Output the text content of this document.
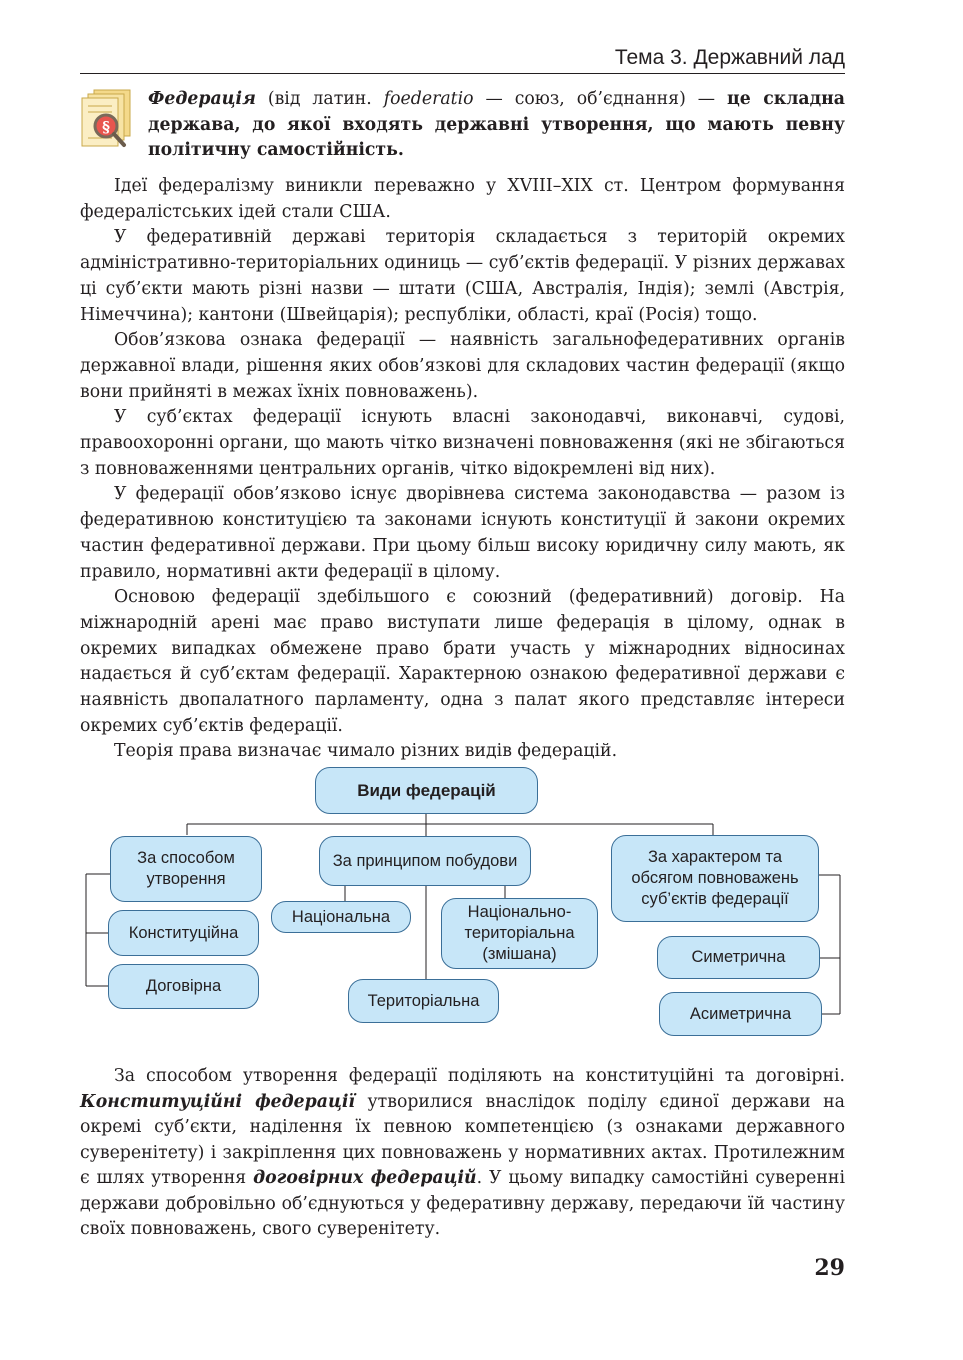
Тема 3. Державний лад
§
Федерація (від латин. foederatio — союз, об’єднання) — це складна держава, до якої входять державні утворення, що мають певну політичну самостійність.

Ідеї федералізму виникли переважно у XVIII–XIX ст. Центром формування федералістських ідей стали США.

У федеративній державі територія складається з територій окремих адміністративно-територіальних одиниць — суб’єктів федерації. У різних державах ці суб’єкти мають різні назви — штати (США, Австралія, Індія); землі (Австрія, Німеччина); кантони (Швейцарія); республіки, області, краї (Росія) тощо.

Обов’язкова ознака федерації — наявність загальнофедеративних органів державної влади, рішення яких обов’язкові для складових частин федерації (якщо вони прийняті в межах їхніх повноважень).

У суб’єктах федерації існують власні законодавчі, виконавчі, судові, правоохоронні органи, що мають чітко визначені повноваження (які не збігаються з повноваженнями центральних органів, чітко відокремлені від них).

У федерації обов’язково існує дворівнева система законодавства — разом із федеративною конституцією та законами існують конституції й закони окремих частин федеративної держави. При цьому більш високу юридичну силу мають, як правило, нормативні акти федерації в цілому.

Основою федерації здебільшого є союзний (федеративний) договір. На міжнародній арені має право виступати лише федерація в цілому, однак в окремих випадках обмежене право брати участь у міжнародних відносинах надається й суб’єктам федерації. Характерною ознакою федеративної держави є наявність двопалатного парламенту, одна з палат якого представляє інтереси окремих суб’єктів федерації.

Теорія права визначає чимало різних видів федерацій.

Види федерацій
За способом утворення
Конституційна
Договірна
За принципом побудови
Національна	Національно-територіальна (змішана)
Територіальна
За характером та обсягом повноважень суб’єктів федерації
Симетрична
Асиметрична

За способом утворення федерації поділяють на конституційні та договірні. Конституційні федерації утворилися внаслідок поділу єдиної держави на окремі суб’єкти, наділення їх певною компетенцією (з ознаками державного суверенітету) і закріплення цих повноважень у нормативних актах. Протилежним є шлях утворення договірних федерацій. У цьому випадку самостійні суверенні держави добровільно об’єднуються у федеративну державу, передаючи їй частину своїх повноважень, свого суверенітету.

29
